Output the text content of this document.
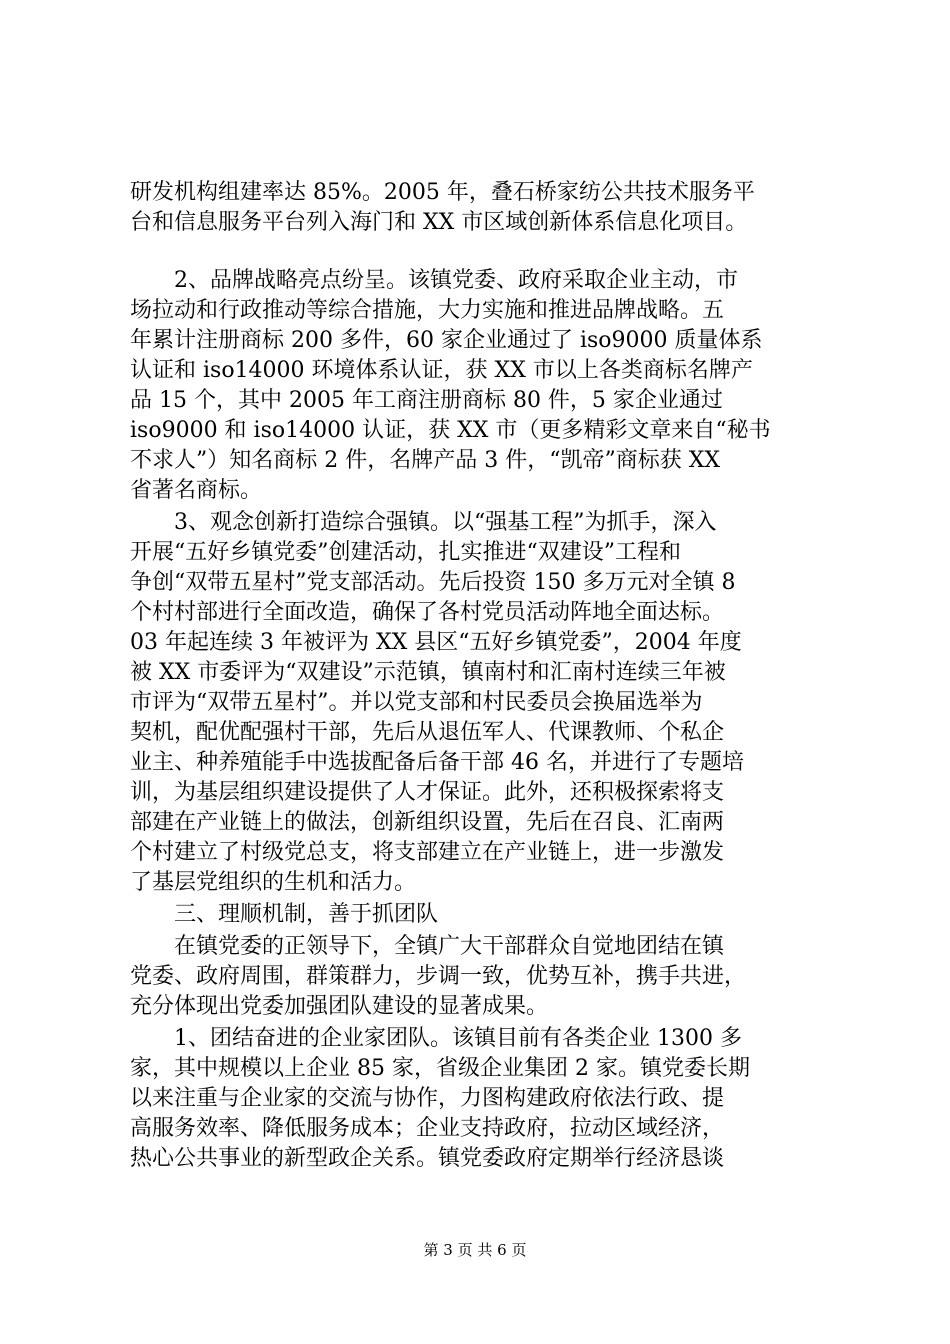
研发机构组建率达 85%。2005 年，叠石桥家纺公共技术服务平
台和信息服务平台列入海门和 XX 市区域创新体系信息化项目。
2、品牌战略亮点纷呈。该镇党委、政府采取企业主动，市
场拉动和行政推动等综合措施，大力实施和推进品牌战略。五
年累计注册商标 200 多件，60 家企业通过了 iso9000 质量体系
认证和 iso14000 环境体系认证，获 XX 市以上各类商标名牌产
品 15 个，其中 2005 年工商注册商标 80 件，5 家企业通过
iso9000 和 iso14000 认证，获 XX 市（更多精彩文章来自“秘书
不求人”）知名商标 2 件，名牌产品 3 件，“凯帝”商标获 XX
省著名商标。
3、观念创新打造综合强镇。以“强基工程”为抓手，深入
开展“五好乡镇党委”创建活动，扎实推进“双建设”工程和
争创“双带五星村”党支部活动。先后投资 150 多万元对全镇 8
个村村部进行全面改造，确保了各村党员活动阵地全面达标。
03 年起连续 3 年被评为 XX 县区“五好乡镇党委”，2004 年度
被 XX 市委评为“双建设”示范镇，镇南村和汇南村连续三年被
市评为“双带五星村”。并以党支部和村民委员会换届选举为
契机，配优配强村干部，先后从退伍军人、代课教师、个私企
业主、种养殖能手中选拔配备后备干部 46 名，并进行了专题培
训，为基层组织建设提供了人才保证。此外，还积极探索将支
部建在产业链上的做法，创新组织设置，先后在召良、汇南两
个村建立了村级党总支，将支部建立在产业链上，进一步激发
了基层党组织的生机和活力。
三、理顺机制，善于抓团队
在镇党委的正领导下，全镇广大干部群众自觉地团结在镇
党委、政府周围，群策群力，步调一致，优势互补，携手共进，
充分体现出党委加强团队建设的显著成果。
1、团结奋进的企业家团队。该镇目前有各类企业 1300 多
家，其中规模以上企业 85 家，省级企业集团 2 家。镇党委长期
以来注重与企业家的交流与协作，力图构建政府依法行政、提
高服务效率、降低服务成本；企业支持政府，拉动区域经济，
热心公共事业的新型政企关系。镇党委政府定期举行经济恳谈
第 3 页 共 6 页
